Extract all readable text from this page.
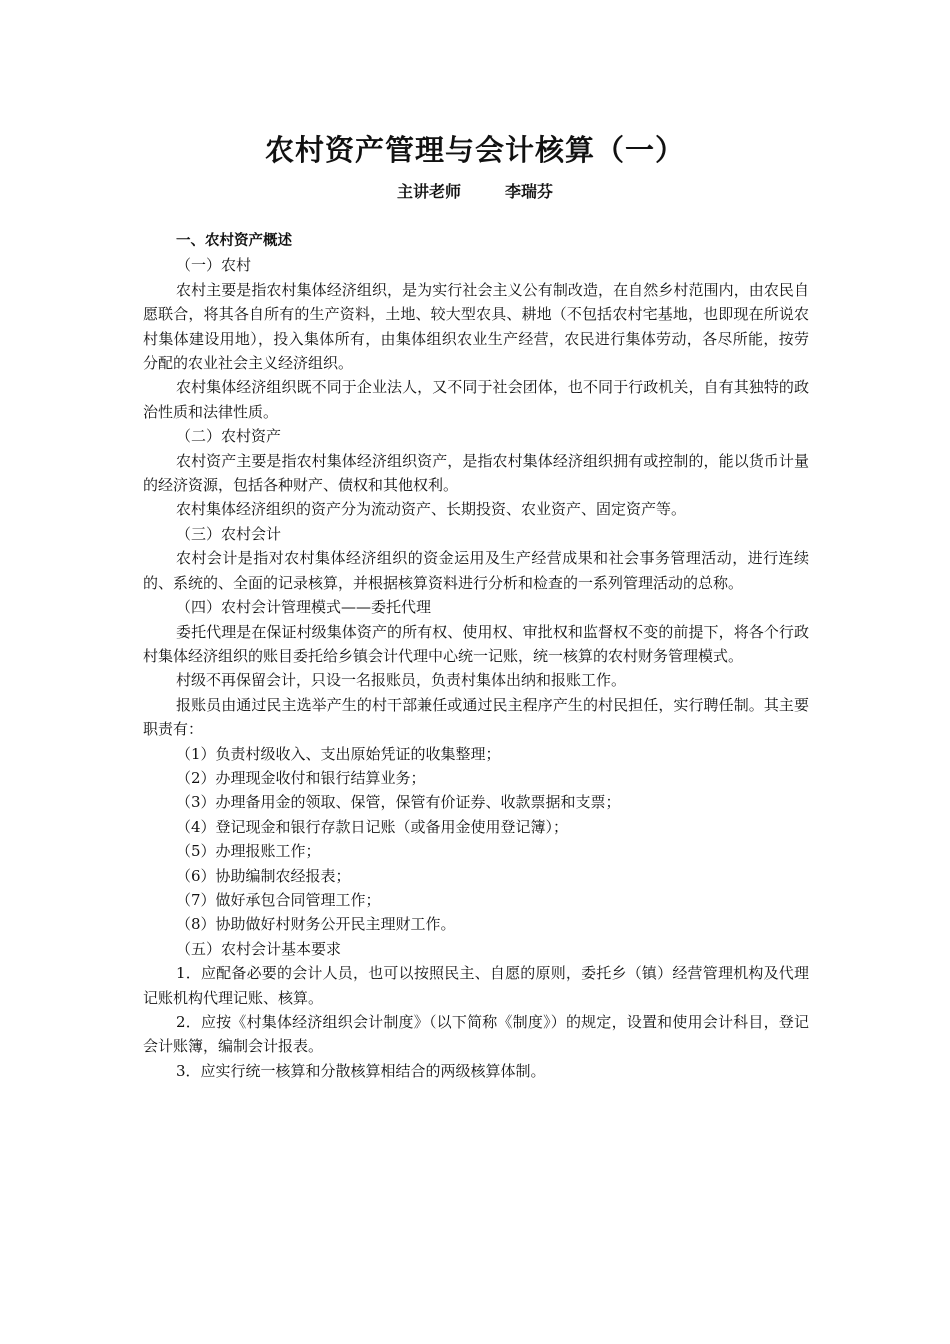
农村资产管理与会计核算（一）

主讲老师	李瑞芬

一、农村资产概述

（一）农村

农村主要是指农村集体经济组织，是为实行社会主义公有制改造，在自然乡村范围内，由农民自愿联合，将其各自所有的生产资料，土地、较大型农具、耕地（不包括农村宅基地，也即现在所说农村集体建设用地），投入集体所有，由集体组织农业生产经营，农民进行集体劳动，各尽所能，按劳分配的农业社会主义经济组织。

农村集体经济组织既不同于企业法人，又不同于社会团体，也不同于行政机关，自有其独特的政治性质和法律性质。

（二）农村资产

农村资产主要是指农村集体经济组织资产，是指农村集体经济组织拥有或控制的，能以货币计量的经济资源，包括各种财产、债权和其他权利。

农村集体经济组织的资产分为流动资产、长期投资、农业资产、固定资产等。

（三）农村会计

农村会计是指对农村集体经济组织的资金运用及生产经营成果和社会事务管理活动，进行连续的、系统的、全面的记录核算，并根据核算资料进行分析和检查的一系列管理活动的总称。

（四）农村会计管理模式——委托代理

委托代理是在保证村级集体资产的所有权、使用权、审批权和监督权不变的前提下，将各个行政村集体经济组织的账目委托给乡镇会计代理中心统一记账，统一核算的农村财务管理模式。

村级不再保留会计，只设一名报账员，负责村集体出纳和报账工作。

报账员由通过民主选举产生的村干部兼任或通过民主程序产生的村民担任，实行聘任制。其主要职责有：

（1）负责村级收入、支出原始凭证的收集整理；

（2）办理现金收付和银行结算业务；

（3）办理备用金的领取、保管，保管有价证券、收款票据和支票；

（4）登记现金和银行存款日记账（或备用金使用登记簿）；

（5）办理报账工作；

（6）协助编制农经报表；

（7）做好承包合同管理工作；

（8）协助做好村财务公开民主理财工作。

（五）农村会计基本要求

1．应配备必要的会计人员，也可以按照民主、自愿的原则，委托乡（镇）经营管理机构及代理记账机构代理记账、核算。

2．应按《村集体经济组织会计制度》（以下简称《制度》）的规定，设置和使用会计科目，登记会计账簿，编制会计报表。

3．应实行统一核算和分散核算相结合的两级核算体制。
